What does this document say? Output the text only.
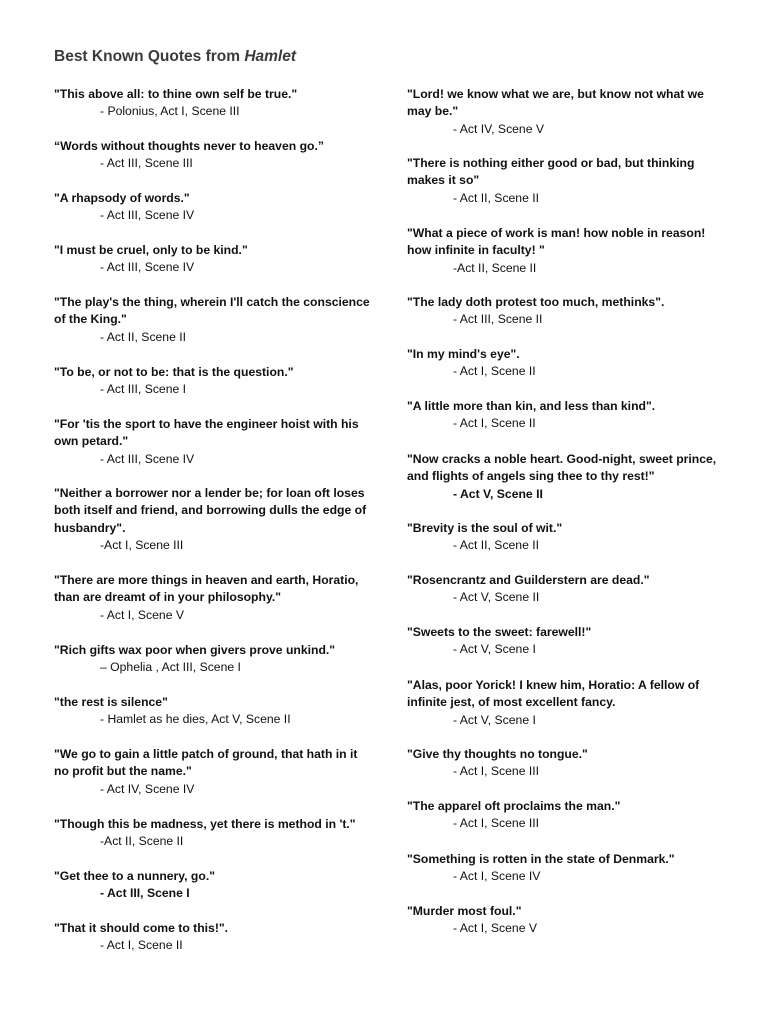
Best Known Quotes from Hamlet
"This above all: to thine own self be true."
- Polonius, Act I, Scene III
“Words without thoughts never to heaven go.”
- Act III, Scene III
"A rhapsody of words."
- Act III, Scene IV
"I must be cruel, only to be kind."
- Act III, Scene IV
"The play's the thing, wherein I'll catch the conscience of the King."
- Act II, Scene II
"To be, or not to be: that is the question."
- Act III, Scene I
"For 'tis the sport to have the engineer hoist with his own petard."
- Act III, Scene IV
"Neither a borrower nor a lender be; for loan oft loses both itself and friend, and borrowing dulls the edge of husbandry".
-Act I, Scene III
"There are more things in heaven and earth, Horatio, than are dreamt of in your philosophy."
- Act I, Scene V
"Rich gifts wax poor when givers prove unkind."
– Ophelia , Act III, Scene I
"the rest is silence"
- Hamlet as he dies, Act V, Scene II
"We go to gain a little patch of ground, that hath in it no profit but the name."
- Act IV, Scene IV
"Though this be madness, yet there is method in 't."
-Act II, Scene II
"Get thee to a nunnery, go."
- Act III, Scene I
"That it should come to this!".
- Act I, Scene II
"Lord! we know what we are, but know not what we may be."
- Act IV, Scene V
"There is nothing either good or bad, but thinking makes it so"
- Act II, Scene II
"What a piece of work is man! how noble in reason! how infinite in faculty! "
-Act II, Scene II
"The lady doth protest too much, methinks".
- Act III, Scene II
"In my mind's eye".
- Act I, Scene II
"A little more than kin, and less than kind".
- Act I, Scene II
"Now cracks a noble heart. Good-night, sweet prince, and flights of angels sing thee to thy rest!"
- Act V, Scene II
"Brevity is the soul of wit."
- Act II, Scene II
"Rosencrantz and Guilderstern are dead."
- Act V, Scene II
"Sweets to the sweet: farewell!"
- Act V, Scene I
"Alas, poor Yorick! I knew him, Horatio: A fellow of infinite jest, of most excellent fancy.
- Act V, Scene I
"Give thy thoughts no tongue."
- Act I, Scene III
"The apparel oft proclaims the man."
- Act I, Scene III
"Something is rotten in the state of Denmark."
- Act I, Scene IV
"Murder most foul."
- Act I, Scene V
